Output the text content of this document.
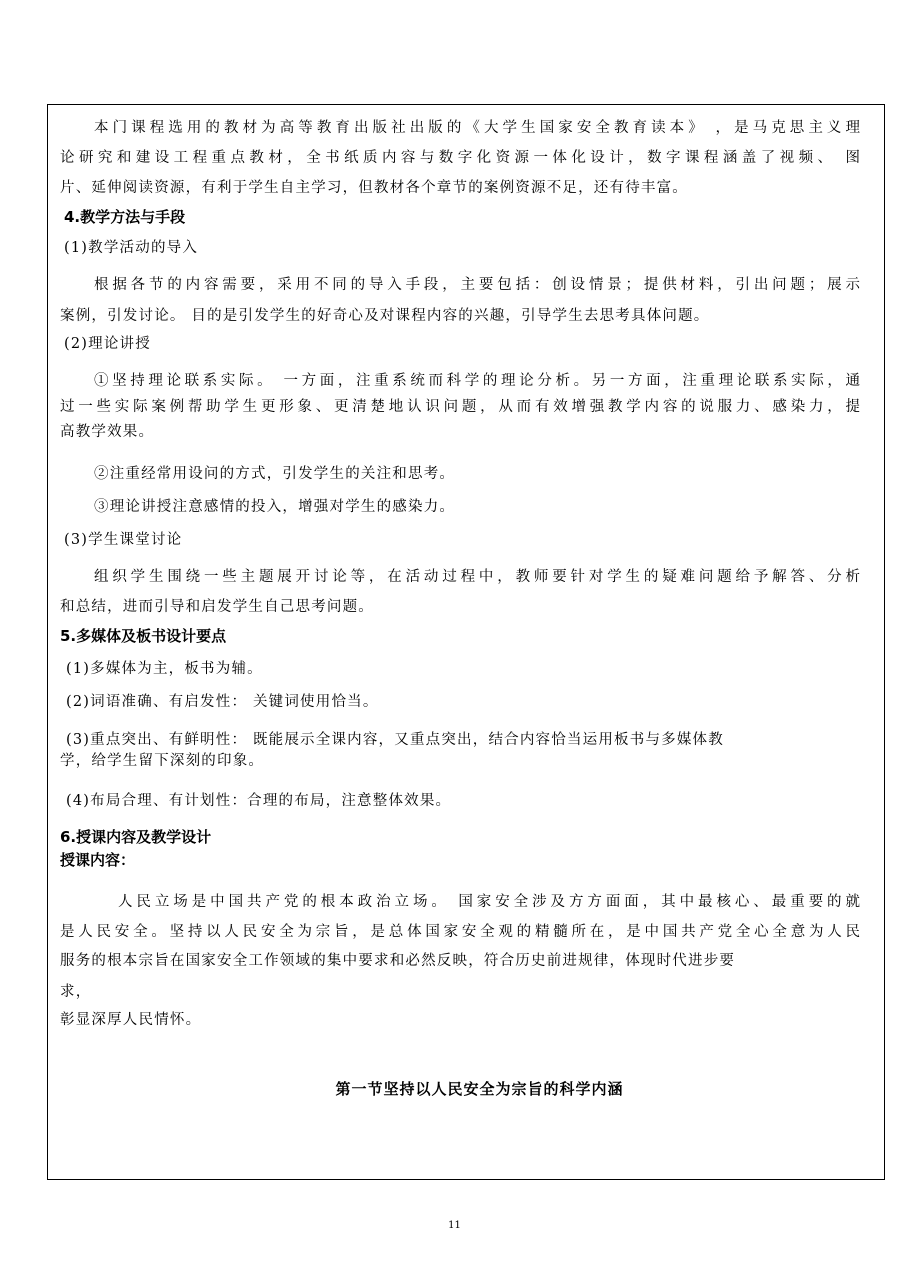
本门课程选用的教材为高等教育出版社出版的《大学生国家安全教育读本》 ，是马克思主义理
论研究和建设工程重点教材，全书纸质内容与数字化资源一体化设计，数字课程涵盖了视频、 图
片、延伸阅读资源，有利于学生自主学习，但教材各个章节的案例资源不足，还有待丰富。
4.教学方法与手段
(1)教学活动的导入
根据各节的内容需要，采用不同的导入手段，主要包括：创设情景；提供材料，引出问题；展示
案例，引发讨论。 目的是引发学生的好奇心及对课程内容的兴趣，引导学生去思考具体问题。
(2)理论讲授
①坚持理论联系实际。 一方面，注重系统而科学的理论分析。另一方面，注重理论联系实际，通
过一些实际案例帮助学生更形象、更清楚地认识问题，从而有效增强教学内容的说服力、感染力，提
高教学效果。
②注重经常用设问的方式，引发学生的关注和思考。
③理论讲授注意感情的投入，增强对学生的感染力。
(3)学生课堂讨论
组织学生围绕一些主题展开讨论等，在活动过程中，教师要针对学生的疑难问题给予解答、分析
和总结，进而引导和启发学生自己思考问题。
5.多媒体及板书设计要点
(1)多媒体为主，板书为辅。
(2)词语准确、有启发性： 关键词使用恰当。
(3)重点突出、有鲜明性： 既能展示全课内容，又重点突出，结合内容恰当运用板书与多媒体教
学，给学生留下深刻的印象。
(4)布局合理、有计划性：合理的布局，注意整体效果。
6.授课内容及教学设计
授课内容：
人民立场是中国共产党的根本政治立场。 国家安全涉及方方面面，其中最核心、最重要的就
是人民安全。坚持以人民安全为宗旨，是总体国家安全观的精髓所在，是中国共产党全心全意为人民
服务的根本宗旨在国家安全工作领域的集中要求和必然反映，符合历史前进规律，体现时代进步要
求，
彰显深厚人民情怀。
第一节坚持以人民安全为宗旨的科学内涵
11
